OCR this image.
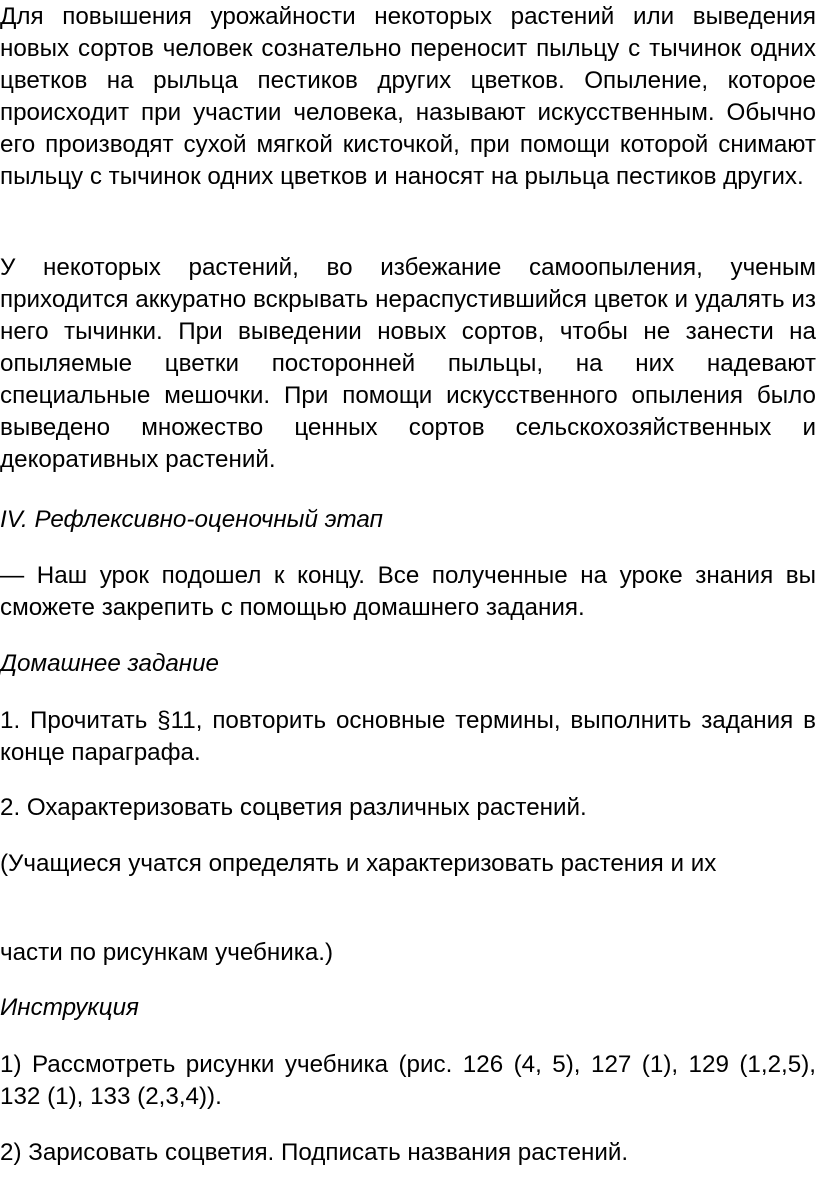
Для повышения урожайности некоторых растений или выведения новых сортов человек сознательно переносит пыльцу с тычинок одних цветков на рыльца пестиков других цветков. Опыление, которое происходит при участии человека, называют искусственным. Обычно его производят сухой мягкой кисточкой, при помощи которой снимают пыльцу с тычинок одних цветков и наносят на рыльца пестиков других.

У некоторых растений, во избежание самоопыления, ученым приходится аккуратно вскрывать нераспустившийся цветок и удалять из него тычинки. При выведении новых сортов, чтобы не занести на опыляемые цветки посторонней пыльцы, на них надевают специальные мешочки. При помощи искусственного опыления было выведено множество ценных сортов сельскохозяйственных и декоративных растений.

IV. Рефлексивно-оценочный этап

— Наш урок подошел к концу. Все полученные на уроке знания вы сможете закрепить с помощью домашнего задания.

Домашнее задание

1. Прочитать §11, повторить основные термины, выполнить задания в конце параграфа.

2. Охарактеризовать соцветия различных растений.

(Учащиеся учатся определять и характеризовать растения и их

части по рисункам учебника.)

Инструкция

1) Рассмотреть рисунки учебника (рис. 126 (4, 5), 127 (1), 129 (1,2,5), 132 (1), 133 (2,3,4)).

2) Зарисовать соцветия. Подписать названия растений.
